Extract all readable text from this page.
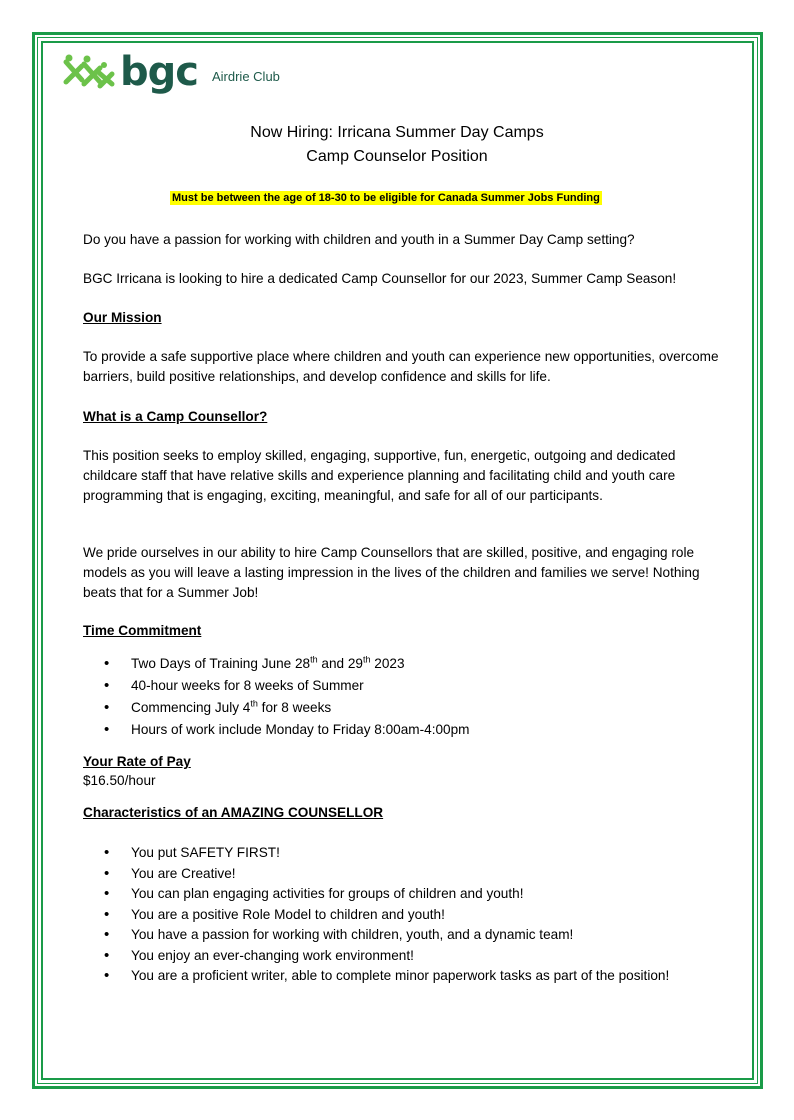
bgc Airdrie Club
Now Hiring: Irricana Summer Day Camps
Camp Counselor Position
Must be between the age of 18-30 to be eligible for Canada Summer Jobs Funding
Do you have a passion for working with children and youth in a Summer Day Camp setting?
BGC Irricana is looking to hire a dedicated Camp Counsellor for our 2023, Summer Camp Season!
Our Mission
To provide a safe supportive place where children and youth can experience new opportunities, overcome barriers, build positive relationships, and develop confidence and skills for life.
What is a Camp Counsellor?
This position seeks to employ skilled, engaging, supportive, fun, energetic, outgoing and dedicated childcare staff that have relative skills and experience planning and facilitating child and youth care programming that is engaging, exciting, meaningful, and safe for all of our participants.
We pride ourselves in our ability to hire Camp Counsellors that are skilled, positive, and engaging role models as you will leave a lasting impression in the lives of the children and families we serve! Nothing beats that for a Summer Job!
Time Commitment
• Two Days of Training June 28th and 29th 2023
• 40-hour weeks for 8 weeks of Summer
• Commencing July 4th for 8 weeks
• Hours of work include Monday to Friday 8:00am-4:00pm
Your Rate of Pay
$16.50/hour
Characteristics of an AMAZING COUNSELLOR
• You put SAFETY FIRST!
• You are Creative!
• You can plan engaging activities for groups of children and youth!
• You are a positive Role Model to children and youth!
• You have a passion for working with children, youth, and a dynamic team!
• You enjoy an ever-changing work environment!
• You are a proficient writer, able to complete minor paperwork tasks as part of the position!
